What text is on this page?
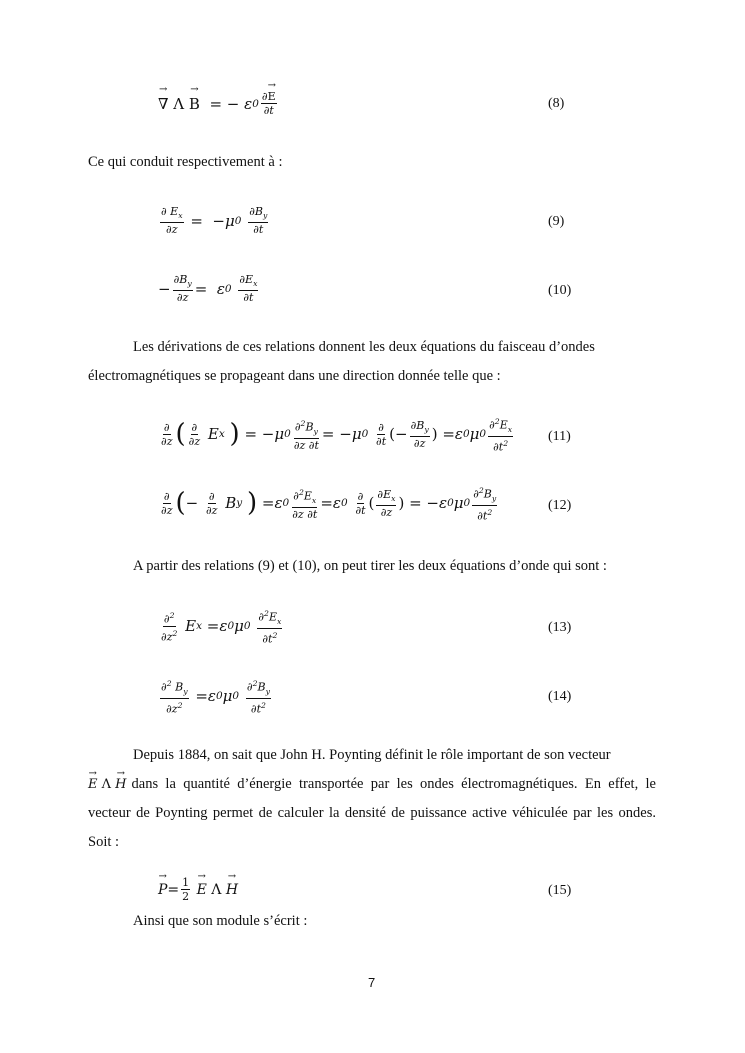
→ ∇
Λ
→ B
= − ε $0 \frac{\partial\to E}{\partial t}$	(8)
Ce qui conduit respectivement à :
$\frac{\partial E_x}{\partial z}$ =  − μ 0
$\frac{\partial B_y}{\partial t}$	(9)
− $\frac{\partial B_y}{\partial z} = \varepsilon$ 0
$\frac{\partial E_x}{\partial t}$	(10)
Les dérivations de ces relations donnent les deux équations du faisceau d’ondes
électromagnétiques se propageant dans une direction donnée telle que :
$\frac{\partial}{\partial z}$ ( $\frac{\partial}{\partial z}$ E x
) = − μ $0 \frac{\partial^2B_y}{\partial z \partial t}$ = − μ 0
$\frac{\partial}{\partial t}$ (− $\frac{\partial B_y}{\partial z}$ ) = ε 0 μ $0 \frac{\partial^2E_x}{\partial t^2} (11)$
$\frac{\partial}{\partial z}$ ( − $\frac{\partial}{\partial z}$ B y
) = ε $0 \frac{\partial^2E_x}{\partial z \partial t} = \varepsilon$ 0
$\frac{\partial}{\partial t}$ ( $\frac{\partial E_x}{\partial z}$ ) = − ε 0 μ $0 \frac{\partial^2B_y}{\partial t^2}$	(12)
A partir des relations (9) et (10), on peut tirer les deux équations d’onde qui sont :
$\frac{\partial^2}{\partial z^2}$ E x = ε 0 μ 0
$\frac{\partial^2E_x}{\partial t^2}$	(13)
$\frac{\partial^2 B_y}{\partial z^2} = \varepsilon$ 0 μ 0
$\frac{\partial^2B_y}{\partial t^2}$	(14)
Depuis 1884, on sait que John H. Poynting définit le rôle important de son vecteur
→ E Λ → H dans la quantité d’énergie transportée par les ondes électromagnétiques. En effet, le
vecteur de Poynting permet de calculer la densité de puissance active véhiculée par les ondes.
Soit :
→ $P = \frac{1}{2}$
→ E
Λ
→ H	(15)
Ainsi que son module s’écrit :
7
